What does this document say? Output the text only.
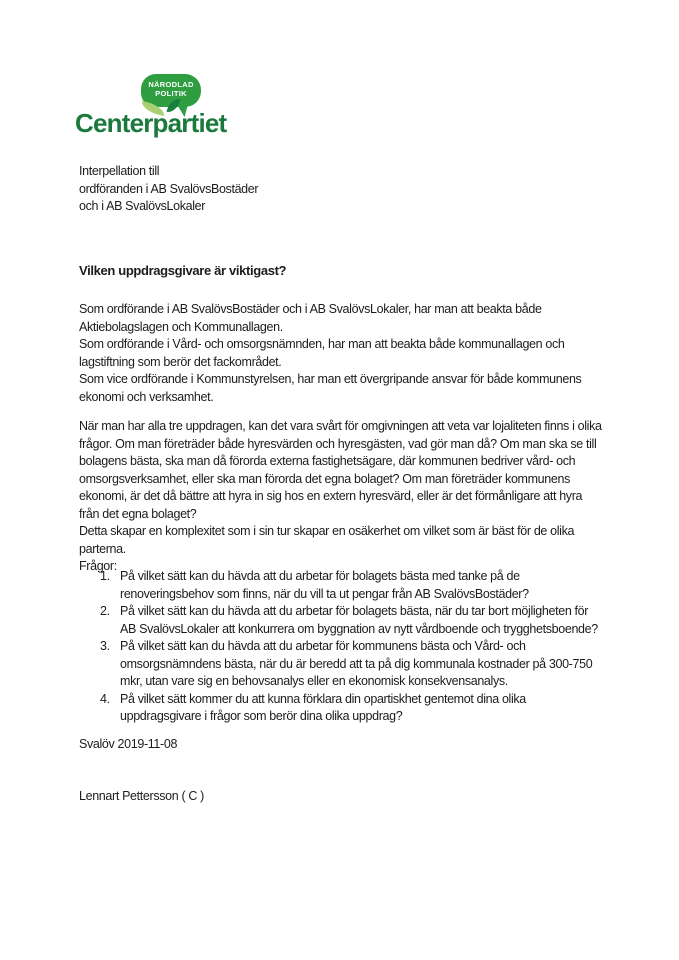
NÄRODLAD
POLITIK
Centerpartiet
Interpellation till
ordföranden i AB SvalövsBostäder
och i AB SvalövsLokaler
Vilken uppdragsgivare är viktigast?
Som ordförande i AB SvalövsBostäder och i AB SvalövsLokaler, har man att beakta både
Aktiebolagslagen och Kommunallagen.
Som ordförande i Vård- och omsorgsnämnden, har man att beakta både kommunallagen och
lagstiftning som berör det fackområdet.
Som vice ordförande i Kommunstyrelsen, har man ett övergripande ansvar för både kommunens
ekonomi och verksamhet.
När man har alla tre uppdragen, kan det vara svårt för omgivningen att veta var lojaliteten finns i olika
frågor. Om man företräder både hyresvärden och hyresgästen, vad gör man då? Om man ska se till
bolagens bästa, ska man då förorda externa fastighetsägare, där kommunen bedriver vård- och
omsorgsverksamhet, eller ska man förorda det egna bolaget? Om man företräder kommunens
ekonomi, är det då bättre att hyra in sig hos en extern hyresvärd, eller är det förmånligare att hyra
från det egna bolaget?
Detta skapar en komplexitet som i sin tur skapar en osäkerhet om vilket som är bäst för de olika
parterna.
Frågor:
1. På vilket sätt kan du hävda att du arbetar för bolagets bästa med tanke på de
renoveringsbehov som finns, när du vill ta ut pengar från AB SvalövsBostäder?
2. På vilket sätt kan du hävda att du arbetar för bolagets bästa, när du tar bort möjligheten för
AB SvalövsLokaler att konkurrera om byggnation av nytt vårdboende och trygghetsboende?
3. På vilket sätt kan du hävda att du arbetar för kommunens bästa och Vård- och
omsorgsnämndens bästa, när du är beredd att ta på dig kommunala kostnader på 300-750
mkr, utan vare sig en behovsanalys eller en ekonomisk konsekvensanalys.
4. På vilket sätt kommer du att kunna förklara din opartiskhet gentemot dina olika
uppdragsgivare i frågor som berör dina olika uppdrag?
Svalöv 2019-11-08
Lennart Pettersson ( C )
